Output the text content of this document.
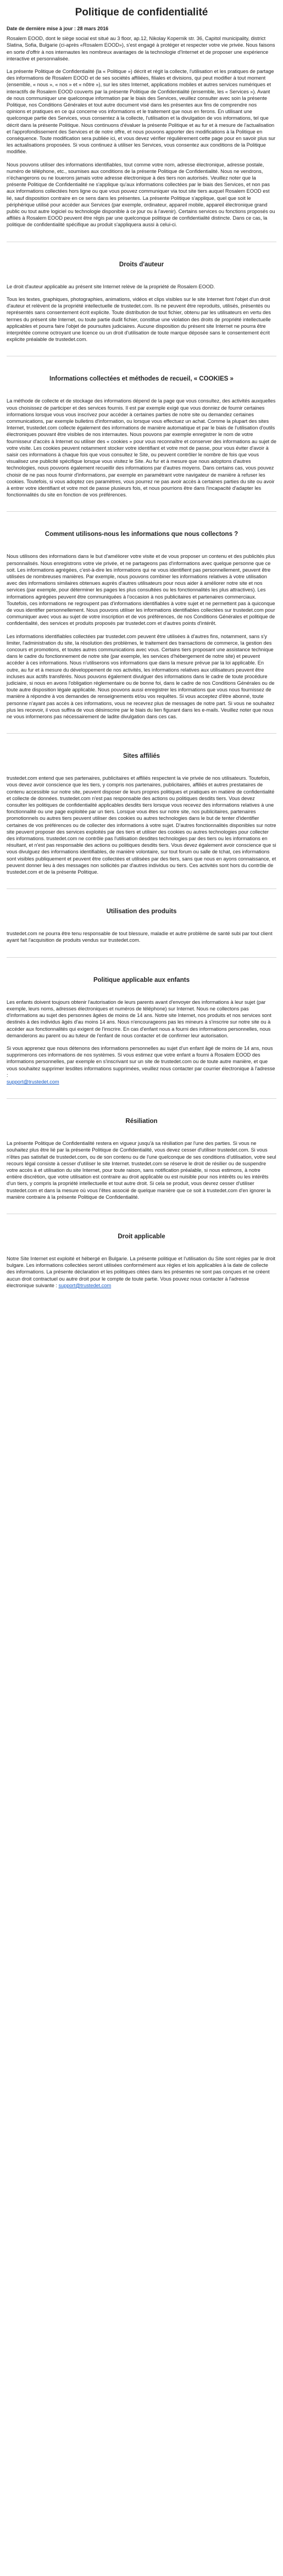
Politique de confidentialité
Date de dernière mise à jour : 28 mars 2016

Rosalem EOOD, dont le siège social est situé au 3 floor, ap.12, Nikolay Kopernik str. 36, Capitol municipality, district Slatina, Sofia, Bulgarie (ci-après «Rosalem EOOD»), s'est engagé à protéger et respecter votre vie privée. Nous faisons en sorte d'offrir à nos internautes les nombreux avantages de la technologie d'Internet et de proposer une expérience interactive et personnalisée.

La présente Politique de Confidentialité (la « Politique ») décrit et régit la collecte, l'utilisation et les pratiques de partage des informations de Rosalem EOOD et de ses sociétés affiliées, filiales et divisions, qui peut modifier à tout moment (ensemble, « nous », « nos » et « nôtre »), sur les sites Internet, applications mobiles et autres services numériques et interactifs de Rosalem EOOD couverts par la présente Politique de Confidentialité (ensemble, les « Services »). Avant de nous communiquer une quelconque information par le biais des Services, veuillez consulter avec soin la présente Politique, nos Conditions Générales et tout autre document visé dans les présentes aux fins de comprendre nos opinions et pratiques en ce qui concerne vos informations et le traitement que nous en ferons. En utilisant une quelconque partie des Services, vous consentez à la collecte, l'utilisation et la divulgation de vos informations, tel que décrit dans la présente Politique. Nous continuons d'évaluer la présente Politique et au fur et à mesure de l'actualisation et l'approfondissement des Services et de notre offre, et nous pouvons apporter des modifications à la Politique en conséquence. Toute modification sera publiée ici, et vous devez vérifier régulièrement cette page pour en savoir plus sur les actualisations proposées. Si vous continuez à utiliser les Services, vous consentez aux conditions de la Politique modifiée.

Nous pouvons utiliser des informations identifiables, tout comme votre nom, adresse électronique, adresse postale, numéro de téléphone, etc., soumises aux conditions de la présente Politique de Confidentialité. Nous ne vendrons, n'échangerons ou ne louerons jamais votre adresse électronique à des tiers non autorisés. Veuillez noter que la présente Politique de Confidentialité ne s'applique qu'aux informations collectées par le biais des Services, et non pas aux informations collectées hors ligne ou que vous pouvez communiquer via tout site tiers auquel Rosalem EOOD est lié, sauf disposition contraire en ce sens dans les présentes. La présente Politique s'applique, quel que soit le périphérique utilisé pour accéder aux Services (par exemple, ordinateur, appareil mobile, appareil électronique grand public ou tout autre logiciel ou technologie disponible à ce jour ou à l'avenir). Certains services ou fonctions proposés ou affiliés à Rosalem EOOD peuvent être régis par une quelconque politique de confidentialité distincte. Dans ce cas, la politique de confidentialité spécifique au produit s'appliquera aussi à celui-ci.

Droits d'auteur

Le droit d'auteur applicable au présent site Internet relève de la propriété de Rosalem EOOD.

Tous les textes, graphiques, photographies, animations, vidéos et clips visibles sur le site Internet font l'objet d'un droit d'auteur et relèvent de la propriété intellectuelle de trustedet.com. Ils ne peuvent être reproduits, utilisés, présentés ou représentés sans consentement écrit explicite. Toute distribution de tout fichier, obtenu par les utilisateurs en vertu des termes du présent site Internet, ou toute partie dudit fichier, constitue une violation des droits de propriété intellectuelle applicables et pourra faire l'objet de poursuites judiciaires. Aucune disposition du présent site Internet ne pourra être interprétée comme octroyant une licence ou un droit d'utilisation de toute marque déposée sans le consentement écrit explicite préalable de trustedet.com.

Informations collectées et méthodes de recueil, « COOKIES »

La méthode de collecte et de stockage des informations dépend de la page que vous consultez, des activités auxquelles vous choisissez de participer et des services fournis. Il est par exemple exigé que vous donniez de fournir certaines informations lorsque vous vous inscrivez pour accéder à certaines parties de notre site ou demandez certaines communications, par exemple bulletins d'information, ou lorsque vous effectuez un achat. Comme la plupart des sites Internet, trustedet.com collecte également des informations de manière automatique et par le biais de l'utilisation d'outils électroniques pouvant être visibles de nos internautes. Nous pouvons par exemple enregistrer le nom de votre fournisseur d'accès à Internet ou utiliser des « cookies » pour vous reconnaître et conserver des informations au sujet de votre visite. Les cookies peuvent notamment stocker votre identifiant et votre mot de passe, pour vous éviter d'avoir à saisir ces informations à chaque fois que vous consultez le Site, ou peuvent contrôler le nombre de fois que vous visualisez une publicité spécifique lorsque vous visitez le Site. Au fur et à mesure que nous adoptons d'autres technologies, nous pouvons également recueillir des informations par d'autres moyens. Dans certains cas, vous pouvez choisir de ne pas nous fournir d'informations, par exemple en paramétrant votre navigateur de manière à refuser les cookies. Toutefois, si vous adoptez ces paramètres, vous pourrez ne pas avoir accès à certaines parties du site ou avoir à entrer votre identifiant et votre mot de passe plusieurs fois, et nous pourrions être dans l'incapacité d'adapter les fonctionnalités du site en fonction de vos préférences.

Comment utilisons-nous les informations que nous collectons ?

Nous utilisons des informations dans le but d'améliorer votre visite et de vous proposer un contenu et des publicités plus personnalisés. Nous enregistrons votre vie privée, et ne partageons pas d'informations avec quelque personne que ce soit. Les informations agrégées, c'est-à-dire les informations qui ne vous identifient pas personnellement, peuvent être utilisées de nombreuses manières. Par exemple, nous pouvons combiner les informations relatives à votre utilisation avec des informations similaires obtenues auprès d'autres utilisateurs pour nous aider à améliorer notre site et nos services (par exemple, pour déterminer les pages les plus consultées ou les fonctionnalités les plus attractives). Les informations agrégées peuvent être communiquées à l'occasion à nos publicitaires et partenaires commerciaux. Toutefois, ces informations ne regroupent pas d'informations identifiables à votre sujet et ne permettent pas à quiconque de vous identifier personnellement. Nous pouvons utiliser les informations identifiables collectées sur trustedet.com pour communiquer avec vous au sujet de votre inscription et de vos préférences, de nos Conditions Générales et politique de confidentialité, des services et produits proposés par trustedet.com et d'autres points d'intérêt.

Les informations identifiables collectées par trustedet.com peuvent être utilisées à d'autres fins, notamment, sans s'y limiter, l'administration du site, la résolution des problèmes, le traitement des transactions de commerce, la gestion des concours et promotions, et toutes autres communications avec vous. Certains tiers proposant une assistance technique dans le cadre du fonctionnement de notre site (par exemple, les services d'hébergement de notre site) et peuvent accéder à ces informations. Nous n'utiliserons vos informations que dans la mesure prévue par la loi applicable. En outre, au fur et à mesure du développement de nos activités, les informations relatives aux utilisateurs peuvent être incluses aux actifs transférés. Nous pouvons également divulguer des informations dans le cadre de toute procédure judiciaire, si nous en avons l'obligation réglementaire ou de bonne foi, dans le cadre de nos Conditions Générales ou de toute autre disposition légale applicable. Nous pouvons aussi enregistrer les informations que vous nous fournissez de manière à répondre à vos demandes de renseignements et/ou vos requêtes. Si vous acceptez d'être abonné, toute personne n'ayant pas accès à ces informations, vous ne recevrez plus de messages de notre part. Si vous ne souhaitez plus les recevoir, il vous suffira de vous désinscrire par le biais du lien figurant dans les e-mails. Veuillez noter que nous ne vous informerons pas nécessairement de ladite divulgation dans ces cas.

Sites affiliés

trustedet.com entend que ses partenaires, publicitaires et affiliés respectent la vie privée de nos utilisateurs. Toutefois, vous devez avoir conscience que les tiers, y compris nos partenaires, publicitaires, affiliés et autres prestataires de contenu accessible sur notre site, peuvent disposer de leurs propres politiques et pratiques en matière de confidentialité et collecte de données. trustedet.com n'est pas responsable des actions ou politiques desdits tiers. Vous devez consulter les politiques de confidentialité applicables desdits tiers lorsque vous recevez des informations relatives à une fonctionnalité ou une page exploitée par un tiers. Lorsque vous êtes sur notre site, nos publicitaires, partenaires promotionnels ou autres tiers peuvent utiliser des cookies ou autres technologies dans le but de tenter d'identifier certaines de vos préférences ou de collecter des informations à votre sujet. D'autres fonctionnalités disponibles sur notre site peuvent proposer des services exploités par des tiers et utiliser des cookies ou autres technologies pour collecter des informations. trustedet.com ne contrôle pas l'utilisation desdites technologies par des tiers ou les informations en résultant, et n'est pas responsable des actions ou politiques desdits tiers. Vous devez également avoir conscience que si vous divulguez des informations identifiables, de manière volontaire, sur tout forum ou salle de tchat, ces informations sont visibles publiquement et peuvent être collectées et utilisées par des tiers, sans que nous en ayons connaissance, et peuvent donner lieu à des messages non sollicités par d'autres individus ou tiers. Ces activités sont hors du contrôle de trustedet.com et de la présente Politique.

Utilisation des produits

trustedet.com ne pourra être tenu responsable de tout blessure, maladie et autre problème de santé subi par tout client ayant fait l'acquisition de produits vendus sur trustedet.com.

Politique applicable aux enfants

Les enfants doivent toujours obtenir l'autorisation de leurs parents avant d'envoyer des informations à leur sujet (par exemple, leurs noms, adresses électroniques et numéros de téléphone) sur Internet. Nous ne collectons pas d'informations au sujet des personnes âgées de moins de 14 ans. Notre site Internet, nos produits et nos services sont destinés à des individus âgés d'au moins 14 ans. Nous n'encourageons pas les mineurs à s'inscrire sur notre site ou à accéder aux fonctionnalités qui exigent de l'inscrire. En cas d'enfant nous a fourni des informations personnelles, nous demanderons au parent ou au tuteur de l'enfant de nous contacter et de confirmer leur autorisation.

Si vous apprenez que nous détenons des informations personnelles au sujet d'un enfant âgé de moins de 14 ans, nous supprimerons ces informations de nos systèmes. Si vous estimez que votre enfant a fourni à Rosalem EOOD des informations personnelles, par exemple en s'inscrivant sur un site de trustedet.com ou de toute autre manière, et que vous souhaitez supprimer lesdites informations supprimées, veuillez nous contacter par courrier électronique à l'adresse :
support@trustedet.com

Résiliation

La présente Politique de Confidentialité restera en vigueur jusqu'à sa résiliation par l'une des parties. Si vous ne souhaitez plus être lié par la présente Politique de Confidentialité, vous devez cesser d'utiliser trustedet.com. Si vous n'êtes pas satisfait de trustedet.com, ou de son contenu ou de l'une quelconque de ses conditions d'utilisation, votre seul recours légal consiste à cesser d'utiliser le site Internet. trustedet.com se réserve le droit de résilier ou de suspendre votre accès à et utilisation du site Internet, pour toute raison, sans notification préalable, si nous estimons, à notre entière discrétion, que votre utilisation est contraire au droit applicable ou est nuisible pour nos intérêts ou les intérêts d'un tiers, y compris la propriété intellectuelle et tout autre droit. Si cela se produit, vous devrez cesser d'utiliser trustedet.com et dans la mesure où vous l'êtes associé de quelque manière que ce soit à trustedet.com d'en ignorer la manière contraire à la présente Politique de Confidentialité.

Droit applicable

Notre Site Internet est exploité et hébergé en Bulgarie. La présente politique et l'utilisation du Site sont régies par le droit bulgare. Les informations collectées seront utilisées conformément aux règles et lois applicables à la date de collecte des informations. La présente déclaration et les politiques citées dans les présentes ne sont pas conçues et ne créent aucun droit contractuel ou autre droit pour le compte de toute partie. Vous pouvez nous contacter à l'adresse électronique suivante : support@trustedet.com
